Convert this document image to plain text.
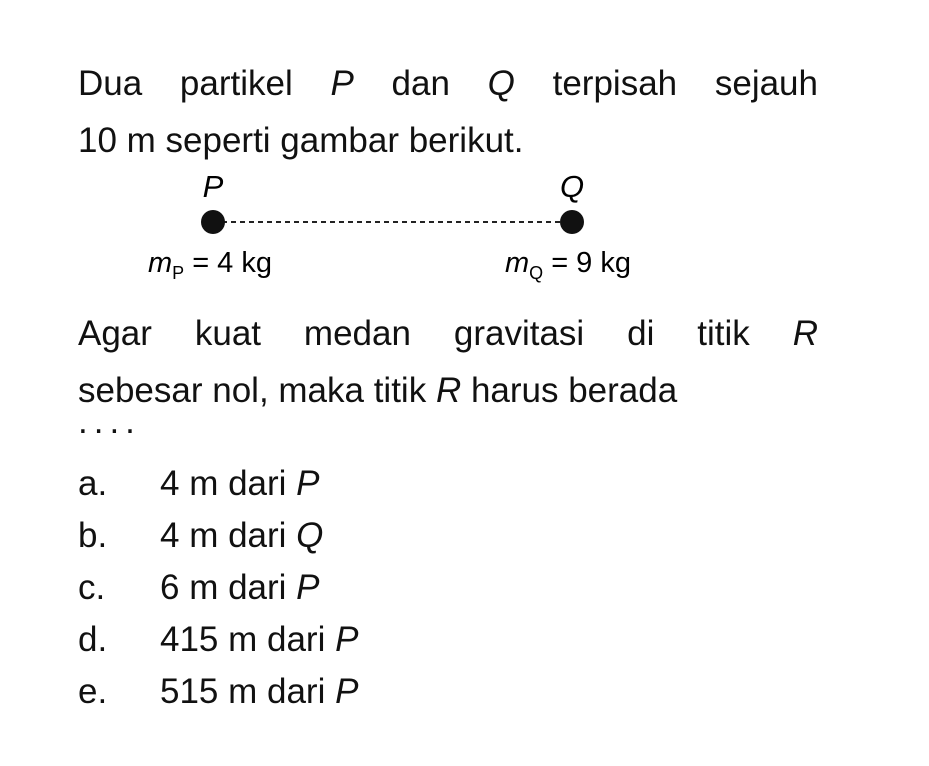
Dua partikel P dan Q terpisah sejauh
10 m seperti gambar berikut.
P	Q
$m_P = 4$ kg	$m_Q = 9$ kg
Agar kuat medan gravitasi di titik R
sebesar nol, maka titik R harus berada
....
a.	4 m dari P
b.	4 m dari Q
c.	6 m dari P
d.	415 m dari P
e.	515 m dari P
